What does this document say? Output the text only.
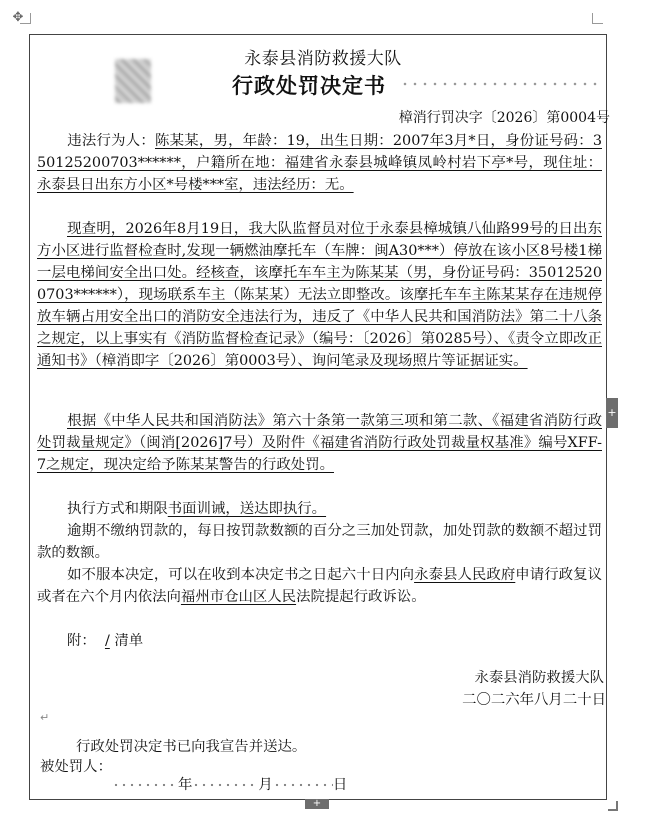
✥
永泰县消防救援大队
行政处罚决定书
樟消行罚决字〔2026〕第0004号
违法行为人：陈某某，男，年龄：19，出生日期：2007年3月*日，身份证号码：350125200703******，户籍所在地：福建省永泰县城峰镇凤岭村岩下亭*号，现住址：永泰县日出东方小区*号楼***室，违法经历：无。
现查明，2026年8月19日，我大队监督员对位于永泰县樟城镇八仙路99号的日出东方小区进行监督检查时,发现一辆燃油摩托车（车牌：闽A30***）停放在该小区8号楼1梯一层电梯间安全出口处。经核查，该摩托车车主为陈某某（男，身份证号码：350125200703******），现场联系车主（陈某某）无法立即整改。该摩托车车主陈某某存在违规停放车辆占用安全出口的消防安全违法行为，违反了《中华人民共和国消防法》第二十八条之规定，以上事实有《消防监督检查记录》（编号：〔2026〕第0285号）、《责令立即改正通知书》（樟消即字〔2026〕第0003号）、询问笔录及现场照片等证据证实。
根据《中华人民共和国消防法》第六十条第一款第三项和第二款、《福建省消防行政处罚裁量规定》（闽消[2026]7号）及附件《福建省消防行政处罚裁量权基准》编号XFF-7之规定，现决定给予陈某某警告的行政处罚。
执行方式和期限书面训诫，送达即执行。
逾期不缴纳罚款的，每日按罚款数额的百分之三加处罚款，加处罚款的数额不超过罚款的数额。
如不服本决定，可以在收到本决定书之日起六十日内向永泰县人民政府申请行政复议或者在六个月内依法向福州市仓山区人民法院提起行政诉讼。
附： / 清单
永泰县消防救援大队
二〇二六年八月二十日
↵
行政处罚决定书已向我宣告并送达。
被处罚人：
年	月	日
+
+
